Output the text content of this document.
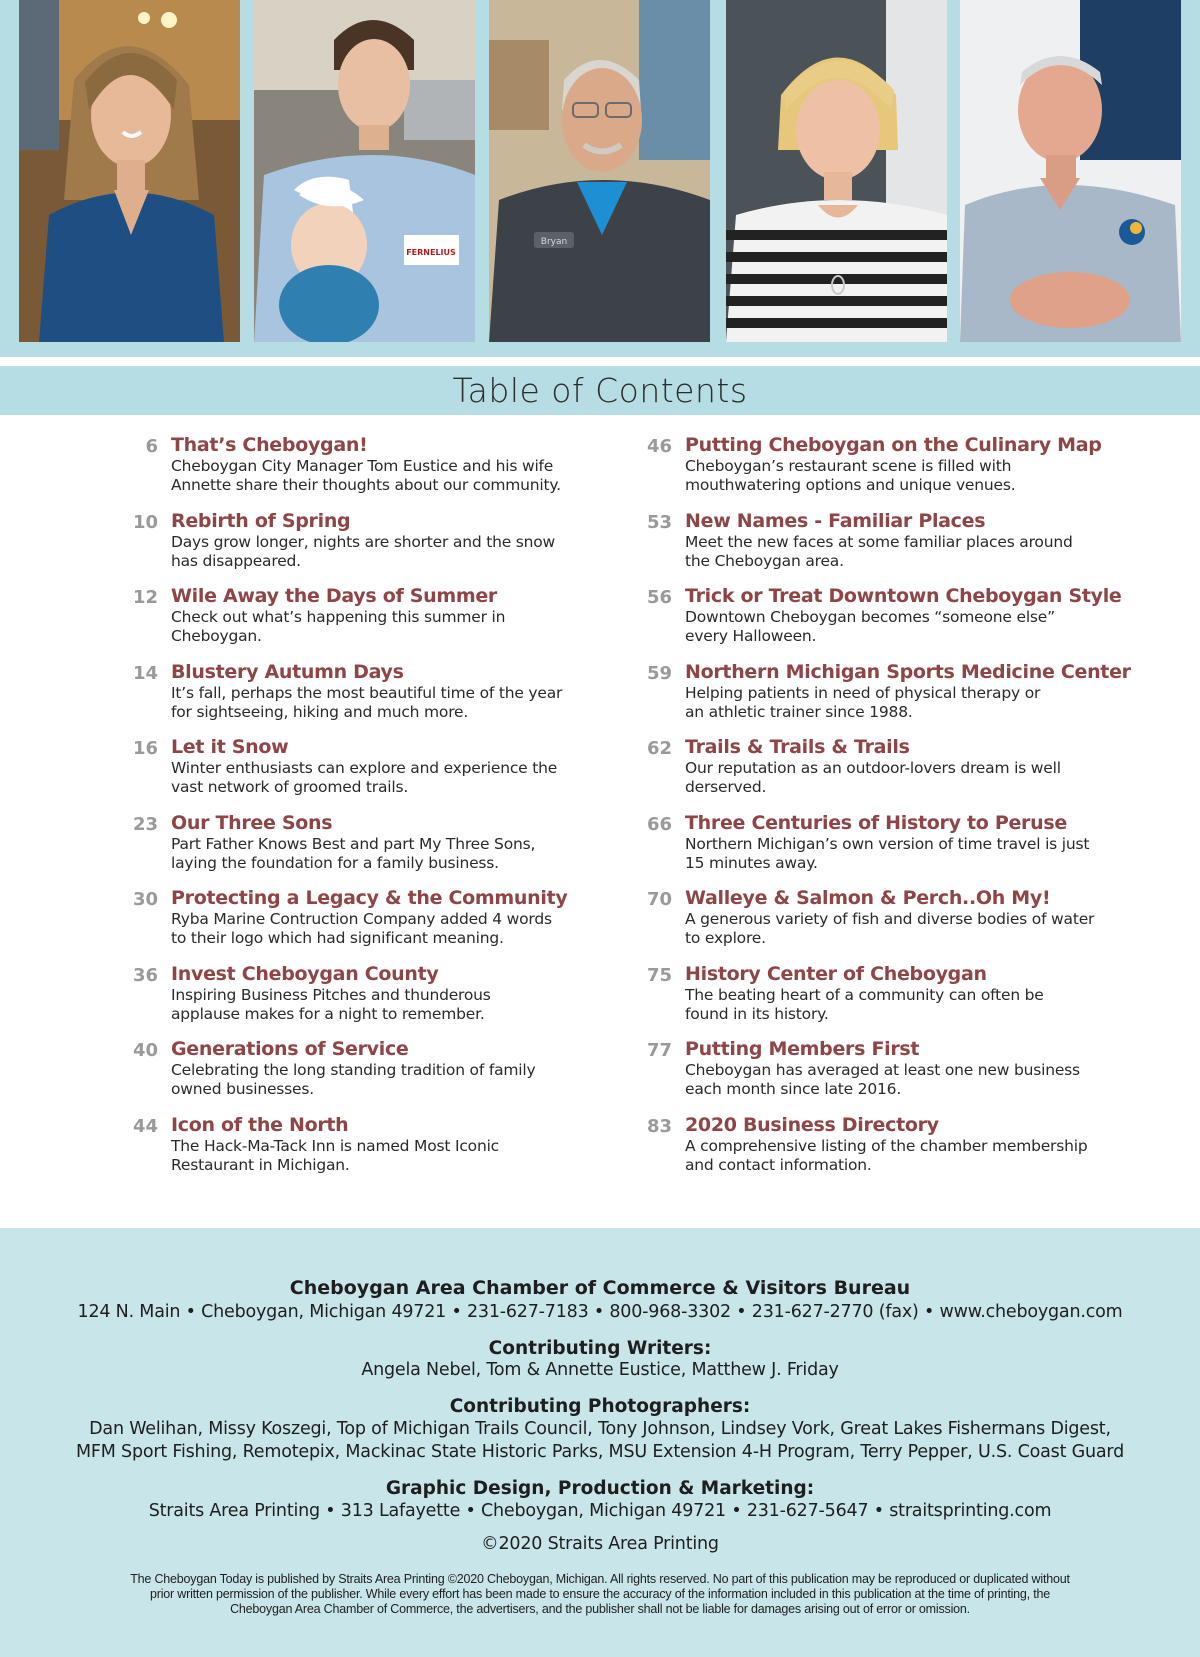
FERNELIUS
Bryan
Table of Contents
6 That’s Cheboygan!
Cheboygan City Manager Tom Eustice and his wife
Annette share their thoughts about our community.
10 Rebirth of Spring
Days grow longer, nights are shorter and the snow
has disappeared.
12 Wile Away the Days of Summer
Check out what’s happening this summer in
Cheboygan.
14 Blustery Autumn Days
It’s fall, perhaps the most beautiful time of the year
for sightseeing, hiking and much more.
16 Let it Snow
Winter enthusiasts can explore and experience the
vast network of groomed trails.
23 Our Three Sons
Part Father Knows Best and part My Three Sons,
laying the foundation for a family business.
30 Protecting a Legacy & the Community
Ryba Marine Contruction Company added 4 words
to their logo which had significant meaning.
36 Invest Cheboygan County
Inspiring Business Pitches and thunderous
applause makes for a night to remember.
40 Generations of Service
Celebrating the long standing tradition of family
owned businesses.
44 Icon of the North
The Hack-Ma-Tack Inn is named Most Iconic
Restaurant in Michigan.
46 Putting Cheboygan on the Culinary Map
Cheboygan’s restaurant scene is filled with
mouthwatering options and unique venues.
53 New Names - Familiar Places
Meet the new faces at some familiar places around
the Cheboygan area.
56 Trick or Treat Downtown Cheboygan Style
Downtown Cheboygan becomes “someone else”
every Halloween.
59 Northern Michigan Sports Medicine Center
Helping patients in need of physical therapy or
an athletic trainer since 1988.
62 Trails & Trails & Trails
Our reputation as an outdoor-lovers dream is well
derserved.
66 Three Centuries of History to Peruse
Northern Michigan’s own version of time travel is just
15 minutes away.
70 Walleye & Salmon & Perch..Oh My!
A generous variety of fish and diverse bodies of water
to explore.
75 History Center of Cheboygan
The beating heart of a community can often be
found in its history.
77 Putting Members First
Cheboygan has averaged at least one new business
each month since late 2016.
83 2020 Business Directory
A comprehensive listing of the chamber membership
and contact information.
Cheboygan Area Chamber of Commerce & Visitors Bureau
124 N. Main • Cheboygan, Michigan 49721 • 231-627-7183 • 800-968-3302 • 231-627-2770 (fax) • www.cheboygan.com
Contributing Writers:
Angela Nebel, Tom & Annette Eustice, Matthew J. Friday
Contributing Photographers:
Dan Welihan, Missy Koszegi, Top of Michigan Trails Council, Tony Johnson, Lindsey Vork, Great Lakes Fishermans Digest,
MFM Sport Fishing, Remotepix, Mackinac State Historic Parks, MSU Extension 4-H Program, Terry Pepper, U.S. Coast Guard
Graphic Design, Production & Marketing:
Straits Area Printing • 313 Lafayette • Cheboygan, Michigan 49721 • 231-627-5647 • straitsprinting.com
©2020 Straits Area Printing
The Cheboygan Today is published by Straits Area Printing ©2020 Cheboygan, Michigan. All rights reserved. No part of this publication may be reproduced or duplicated without
prior written permission of the publisher. While every effort has been made to ensure the accuracy of the information included in this publication at the time of printing, the
Cheboygan Area Chamber of Commerce, the advertisers, and the publisher shall not be liable for damages arising out of error or omission.
